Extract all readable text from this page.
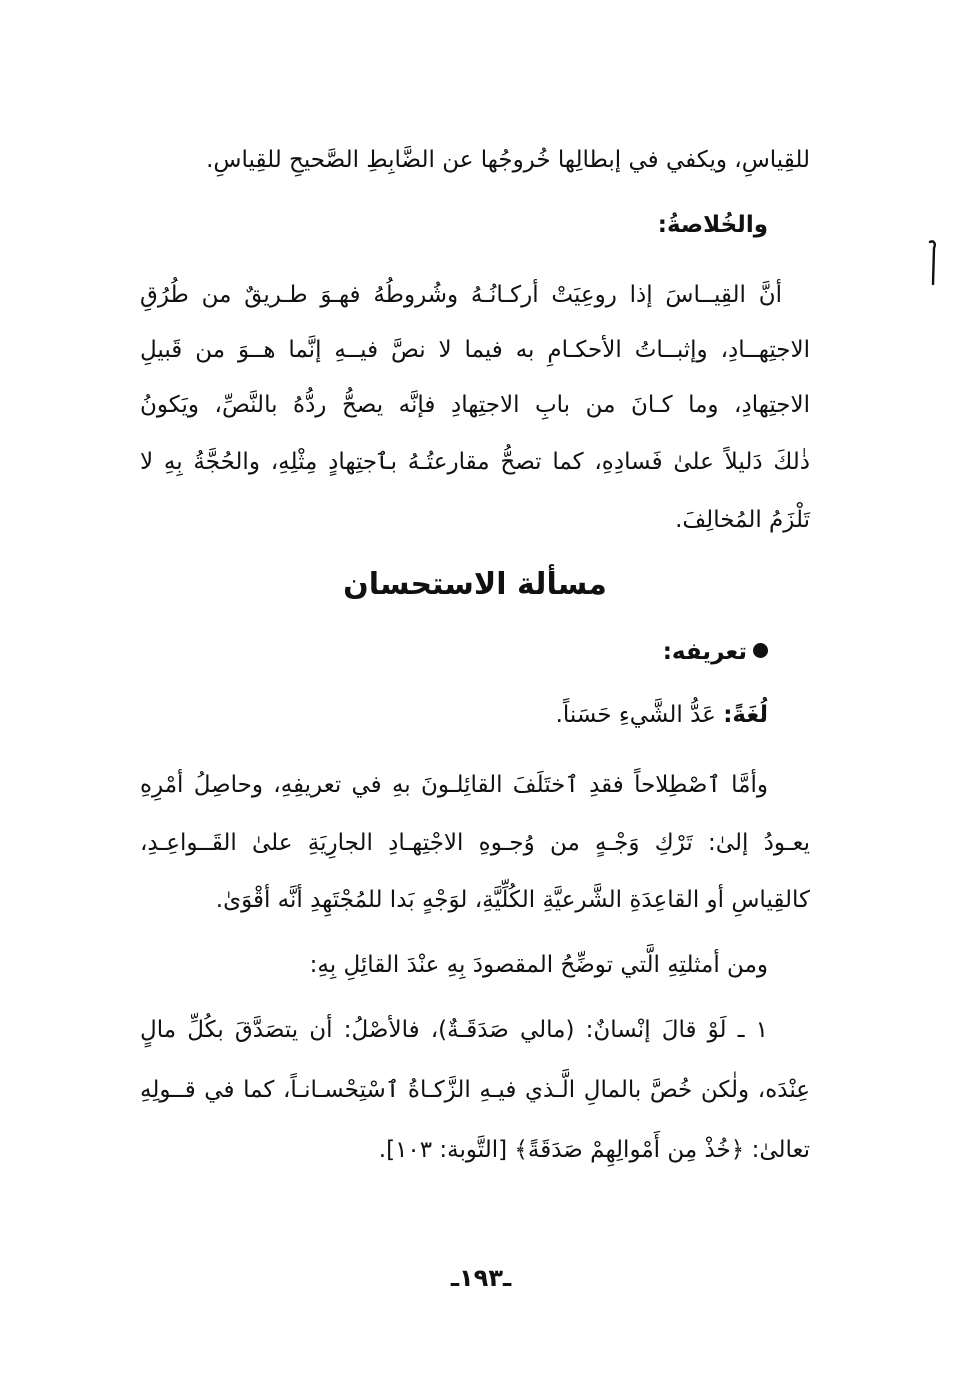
للقِياسِ، ويكفي في إبطالِها خُروجُها عن الضَّابِطِ الصَّحيحِ للقِياسِ.
والخُلاصةُ:
أنَّ القِيــاسَ إذا روعِيَتْ أركـانُـهُ وشُروطُهُ فهـوَ طـريقٌ من طُرُقِ
الاجتِهــادِ، وإثبــاتُ الأحكـامِ به فيما لا نصَّ فيــهِ إنَّما هــوَ من قَبيلِ
الاجتِهادِ، وما كـانَ من بابِ الاجتِهادِ فإنَّه يصحُّ ردُّهُ بالنَّصِّ، ويَكونُ
ذٰلكَ دَليلاً علىٰ فَسادِهِ، كما تصحُّ مقارعتُـهُ بٱجتِهادٍ مِثْلِهِ، والحُجَّةُ بِهِ لا
تَلْزَمُ المُخالِفَ.
مسألة الاستحسان
تعريفه:
لُغَةً: عَدُّ الشَّيءِ حَسَناً.
وأمَّا ٱصْطِلاحاً فقدِ ٱختَلَفَ القائِلـونَ بهِ في تعريفِهِ، وحاصِلُ أمْرِهِ
يعـودُ إلىٰ: تَرْكِ وَجْـهٍ من وُجـوهِ الاجْتِهـادِ الجارِيَةِ علىٰ القَــواعِـدِ،
كالقِياسِ أو القاعِدَةِ الشَّرعيَّةِ الكُلِّيَّةِ، لوَجْهٍ بَدا للمُجْتَهِدِ أنَّه أقْوَىٰ.
ومن أمثلتِهِ الَّتي توضِّحُ المقصودَ بِهِ عنْدَ القائِلِ بِهِ:
١ ـ لَوْ قالَ إنْسانٌ: (مالي صَدَقَـةٌ)، فالأصْلُ: أن يتصَدَّقَ بكُلِّ مالٍ
عِنْدَه، ولٰكن خُصَّ بالمالِ الَّـذي فيـهِ الزَّكـاةُ ٱسْتِحْسـانـاً، كما في قــولِهِ
تعالىٰ: ﴿خُذْ مِن أَمْوالِهِمْ صَدَقَةً﴾ [التَّوبة: ١٠٣].
ـ١٩٣ـ
